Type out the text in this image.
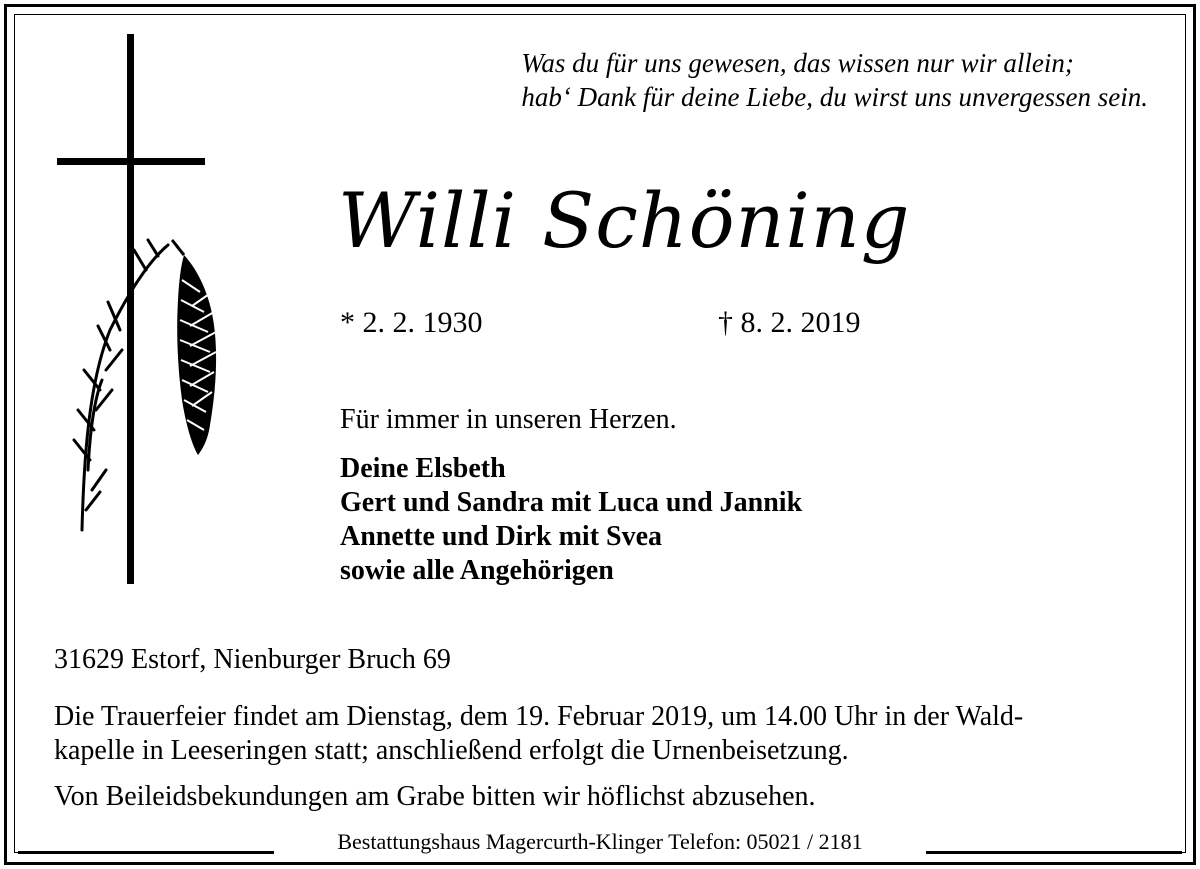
Was du für uns gewesen, das wissen nur wir allein;
hab‘ Dank für deine Liebe, du wirst uns unvergessen sein.
Willi Schöning
* 2. 2. 1930	† 8. 2. 2019
Für immer in unseren Herzen.
Deine Elsbeth
Gert und Sandra mit Luca und Jannik
Annette und Dirk mit Svea
sowie alle Angehörigen
31629 Estorf, Nienburger Bruch 69
Die Trauerfeier findet am Dienstag, dem 19. Februar 2019, um 14.00 Uhr in der Wald-
kapelle in Leeseringen statt; anschließend erfolgt die Urnenbeisetzung.
Von Beileidsbekundungen am Grabe bitten wir höflichst abzusehen.
Bestattungshaus Magercurth-Klinger Telefon: 05021 / 2181
